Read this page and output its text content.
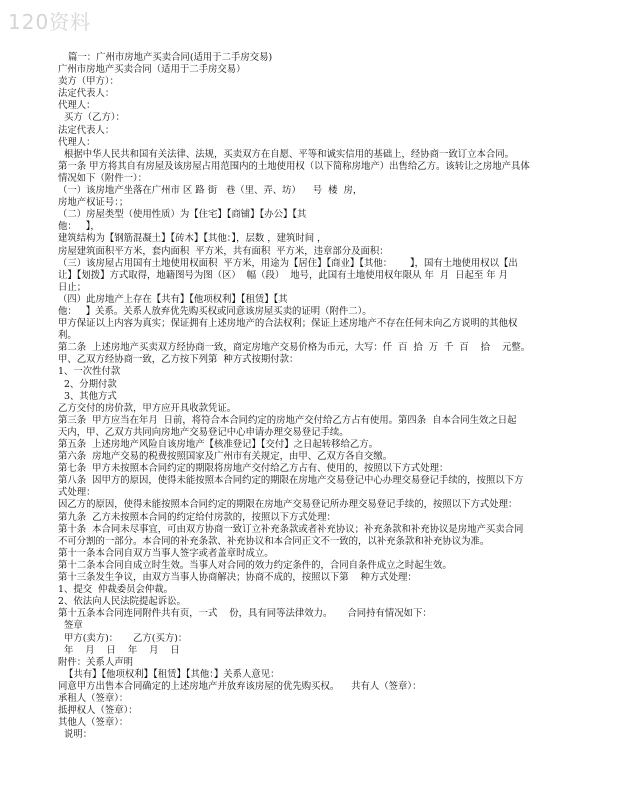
120资料
篇一：广州市房地产买卖合同(适用于二手房交易)
广州市房地产买卖合同（适用于二手房交易）
卖方（甲方）：
法定代表人：
代理人：
买方（乙方）：
法定代表人：
代理人：
根据中华人民共和国有关法律、法规，买卖双方在自愿、平等和诚实信用的基础上，经协商一致订立本合同。
第一条 甲方将其自有房屋及该房屋占用范围内的土地使用权（以下简称房地产）出售给乙方。该转让之房地产具体
情况如下（附件一）：
（一）该房地产坐落在广州市 区 路 街   巷（里、弄、坊）    号  楼  房，
房地产权证号：；
（二）房屋类型（使用性质）为【住宅】【商铺】【办公】【其
他：   】，
建筑结构为【钢筋混凝土】【砖木】【其他：】，层数 ，建筑时间 ，
房屋建筑面积平方米，套内面积  平方米，共有面积  平方米，违章部分及面积：
（三）该房屋占用国有土地使用权面积  平方米，用途为【居住】【商业】【其他：      】，国有土地使用权以【出
让】【划拨】方式取得，地籍图号为图（区）  幅（段）  地号，此国有土地使用权年限从 年  月  日起至 年 月
日止；
（四）此房地产上存在【共有】【他项权利】【租赁】【其
他：   】关系。关系人放弃优先购买权或同意该房屋买卖的证明（附件二）。
甲方保证以上内容为真实；保证拥有上述房地产的合法权利；保证上述房地产不存在任何未向乙方说明的其他权
利。
第二条  上述房地产买卖双方经协商一致，商定房地产交易价格为币元，大写：仟  百  拾  万  千  百    拾    元整。
甲、乙双方经协商一致，乙方按下列第  种方式按期付款：
1、一次性付款
2、分期付款
3、其他方式
乙方交付的房价款，甲方应开具收款凭证。
第三条  甲方应当在年月  日前，将符合本合同约定的房地产交付给乙方占有使用。第四条  自本合同生效之日起
天内，甲、乙双方共同向房地产交易登记中心申请办理交易登记手续。
第五条  上述房地产风险自该房地产【核准登记】【交付】之日起转移给乙方。
第六条  房地产交易的税费按照国家及广州市有关规定，由甲、乙双方各自交缴。
第七条  甲方未按照本合同约定的期限将房地产交付给乙方占有、使用的，按照以下方式处理：
第八条  因甲方的原因，使得未能按照本合同约定的期限在房地产交易登记中心办理交易登记手续的，按照以下方
式处理：
因乙方的原因，使得未能按照本合同约定的期限在房地产交易登记所办理交易登记手续的，按照以下方式处理：
第九条  乙方未按照本合同的约定给付房款的，按照以下方式处理：
第十条  本合同未尽事宜，可由双方协商一致订立补充条款或者补充协议；补充条款和补充协议是房地产买卖合同
不可分割的一部分。本合同的补充条款、补充协议和本合同正文不一致的，以补充条款和补充协议为准。
第十一条本合同自双方当事人签字或者盖章时成立。
第十二条本合同自成立时生效。当事人对合同的效力约定条件的，合同自条件成立之时起生效。
第十三条发生争议，由双方当事人协商解决；协商不成的，按照以下第    种方式处理：
1、提交  仲裁委员会仲裁。
2、依法向人民法院提起诉讼。
第十五条本合同连同附件共有页，一式    份，具有同等法律效力。     合同持有情况如下：
签章
甲方(卖方)：     乙方(买方)：
年    月    日    年    月    日
附件：关系人声明
【共有】【他项权利】【租赁】【其他：】关系人意见：
同意甲方出售本合同确定的上述房地产并放弃该房屋的优先购买权。    共有人（签章）：
承租人（签章）：
抵押权人（签章）：
其他人（签章）：
说明：
